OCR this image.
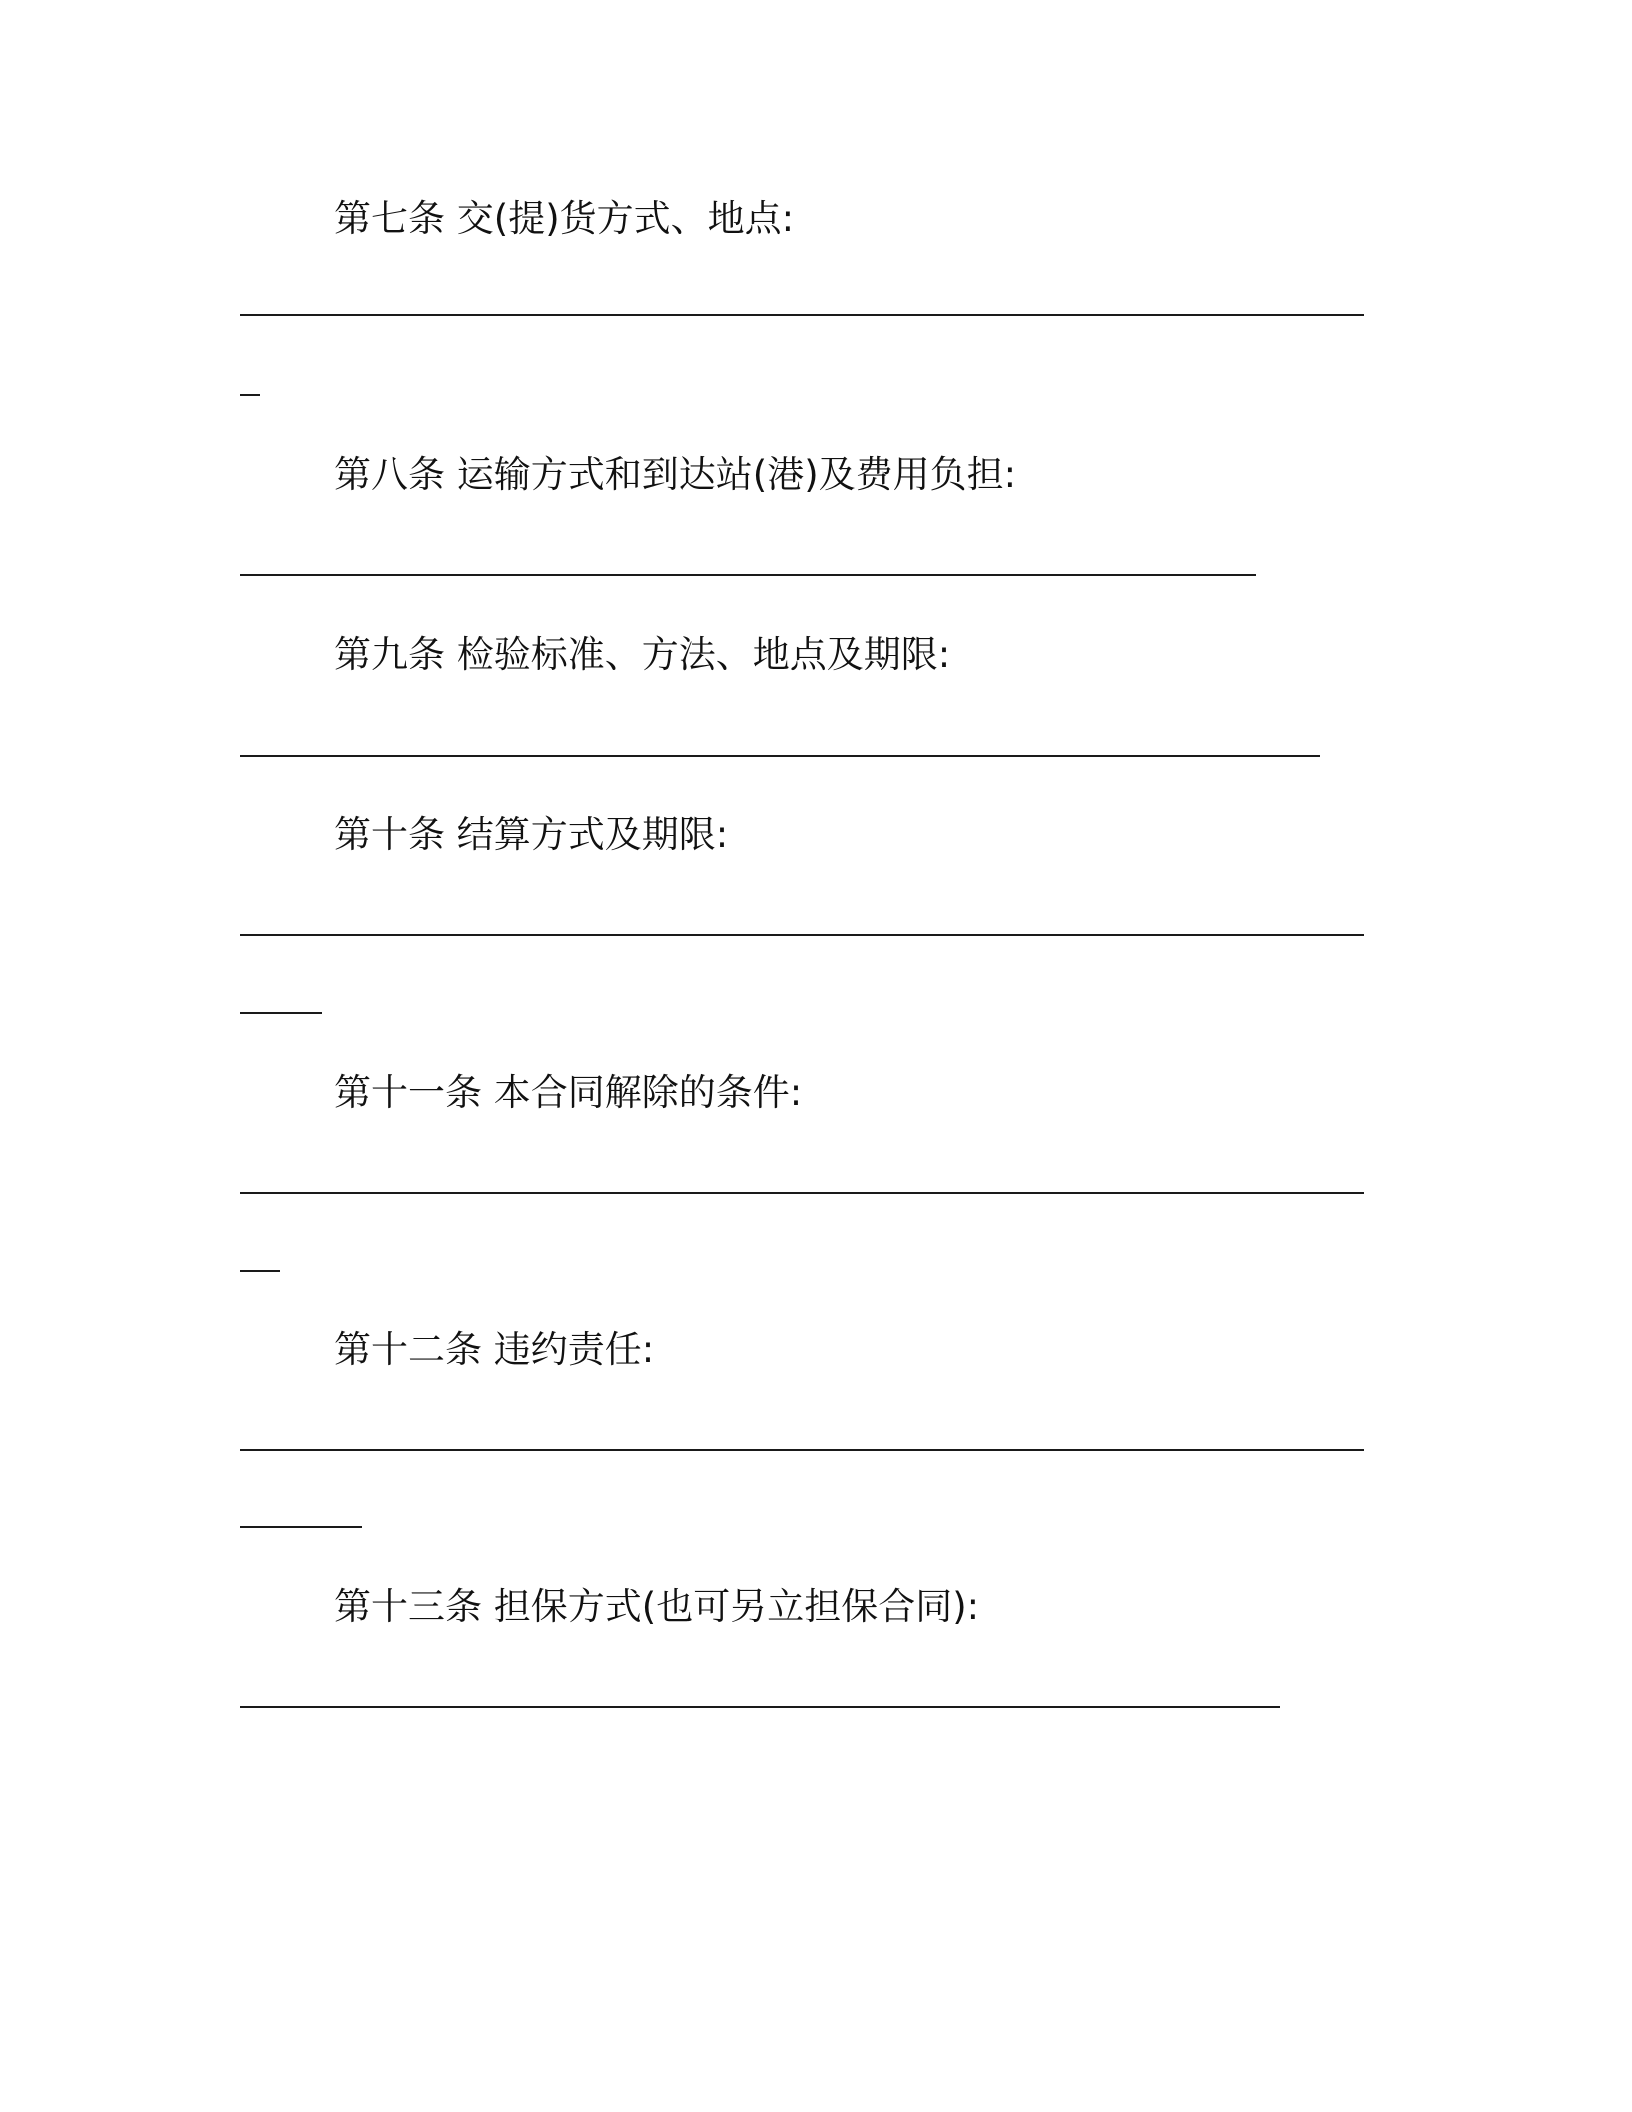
第七条 交(提)货方式、地点:
第八条 运输方式和到达站(港)及费用负担:
第九条 检验标准、方法、地点及期限:
第十条 结算方式及期限:
第十一条 本合同解除的条件:
第十二条 违约责任:
第十三条 担保方式(也可另立担保合同):
